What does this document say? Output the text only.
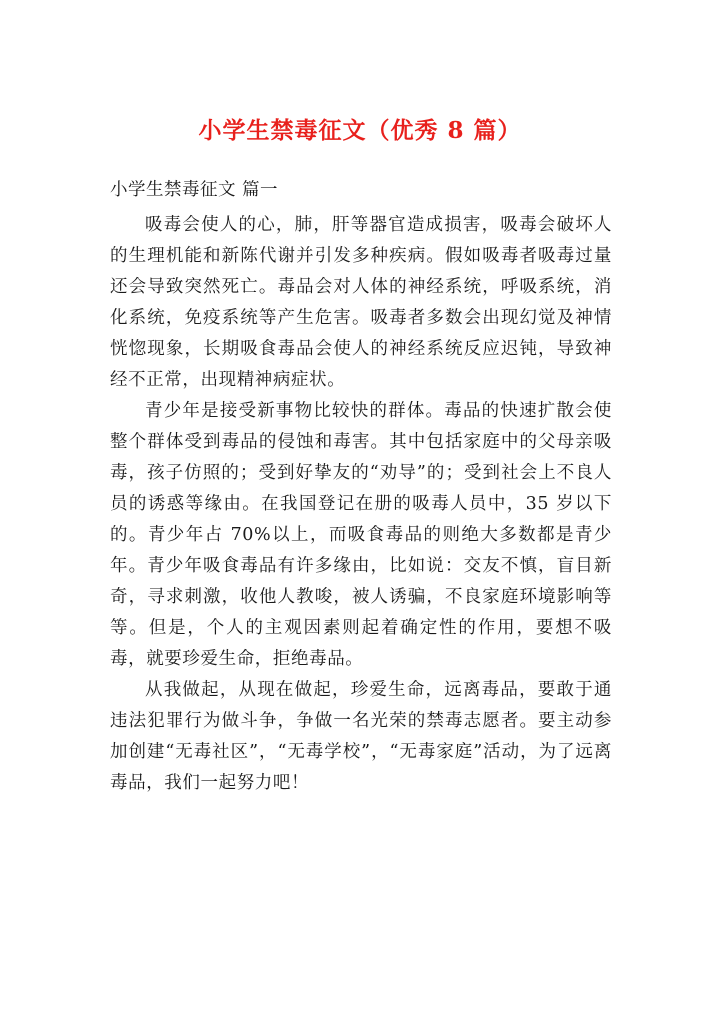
小学生禁毒征文（优秀 8 篇）
小学生禁毒征文 篇一

吸毒会使人的心，肺，肝等器官造成损害，吸毒会破坏人的生理机能和新陈代谢并引发多种疾病。假如吸毒者吸毒过量还会导致突然死亡。毒品会对人体的神经系统，呼吸系统，消化系统，免疫系统等产生危害。吸毒者多数会出现幻觉及神情恍惚现象，长期吸食毒品会使人的神经系统反应迟钝，导致神经不正常，出现精神病症状。

青少年是接受新事物比较快的群体。毒品的快速扩散会使整个群体受到毒品的侵蚀和毒害。其中包括家庭中的父母亲吸毒，孩子仿照的；受到好挚友的“劝导”的；受到社会上不良人员的诱惑等缘由。在我国登记在册的吸毒人员中，35 岁以下的。青少年占 70%以上，而吸食毒品的则绝大多数都是青少年。青少年吸食毒品有许多缘由，比如说：交友不慎，盲目新奇，寻求刺激，收他人教唆，被人诱骗，不良家庭环境影响等等。但是，个人的主观因素则起着确定性的作用，要想不吸毒，就要珍爱生命，拒绝毒品。

从我做起，从现在做起，珍爱生命，远离毒品，要敢于通违法犯罪行为做斗争，争做一名光荣的禁毒志愿者。要主动参加创建“无毒社区”，“无毒学校”，“无毒家庭”活动，为了远离毒品，我们一起努力吧！
